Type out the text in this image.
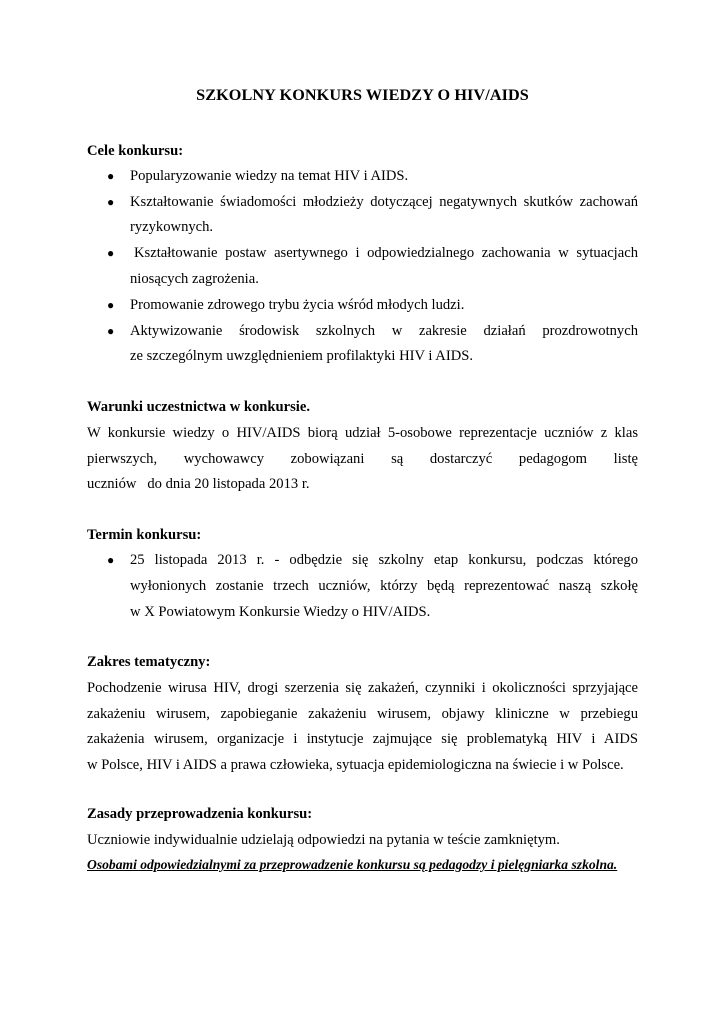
SZKOLNY KONKURS WIEDZY O HIV/AIDS
Cele konkursu:
● Popularyzowanie wiedzy na temat HIV i AIDS.
● Kształtowanie świadomości młodzieży dotyczącej negatywnych skutków zachowań
ryzykownych.
● Kształtowanie postaw asertywnego i odpowiedzialnego zachowania w sytuacjach
niosących zagrożenia.
● Promowanie zdrowego trybu życia wśród młodych ludzi.
● Aktywizowanie środowisk szkolnych w zakresie działań prozdrowotnych
ze szczególnym uwzględnieniem profilaktyki HIV i AIDS.
Warunki uczestnictwa w konkursie.
W konkursie wiedzy o HIV/AIDS biorą udział 5-osobowe reprezentacje uczniów z klas
pierwszych, wychowawcy zobowiązani są dostarczyć pedagogom listę
uczniów   do dnia 20 listopada 2013 r.
Termin konkursu:
● 25 listopada 2013 r. - odbędzie się szkolny etap konkursu, podczas którego
wyłonionych zostanie trzech uczniów, którzy będą reprezentować naszą szkołę
w X Powiatowym Konkursie Wiedzy o HIV/AIDS.
Zakres tematyczny:
Pochodzenie wirusa HIV, drogi szerzenia się zakażeń, czynniki i okoliczności sprzyjające
zakażeniu wirusem, zapobieganie zakażeniu wirusem, objawy kliniczne w przebiegu
zakażenia wirusem, organizacje i instytucje zajmujące się problematyką HIV i AIDS
w Polsce, HIV i AIDS a prawa człowieka, sytuacja epidemiologiczna na świecie i w Polsce.
Zasady przeprowadzenia konkursu:
Uczniowie indywidualnie udzielają odpowiedzi na pytania w teście zamkniętym.
Osobami odpowiedzialnymi za przeprowadzenie konkursu są pedagodzy i pielęgniarka szkolna.
